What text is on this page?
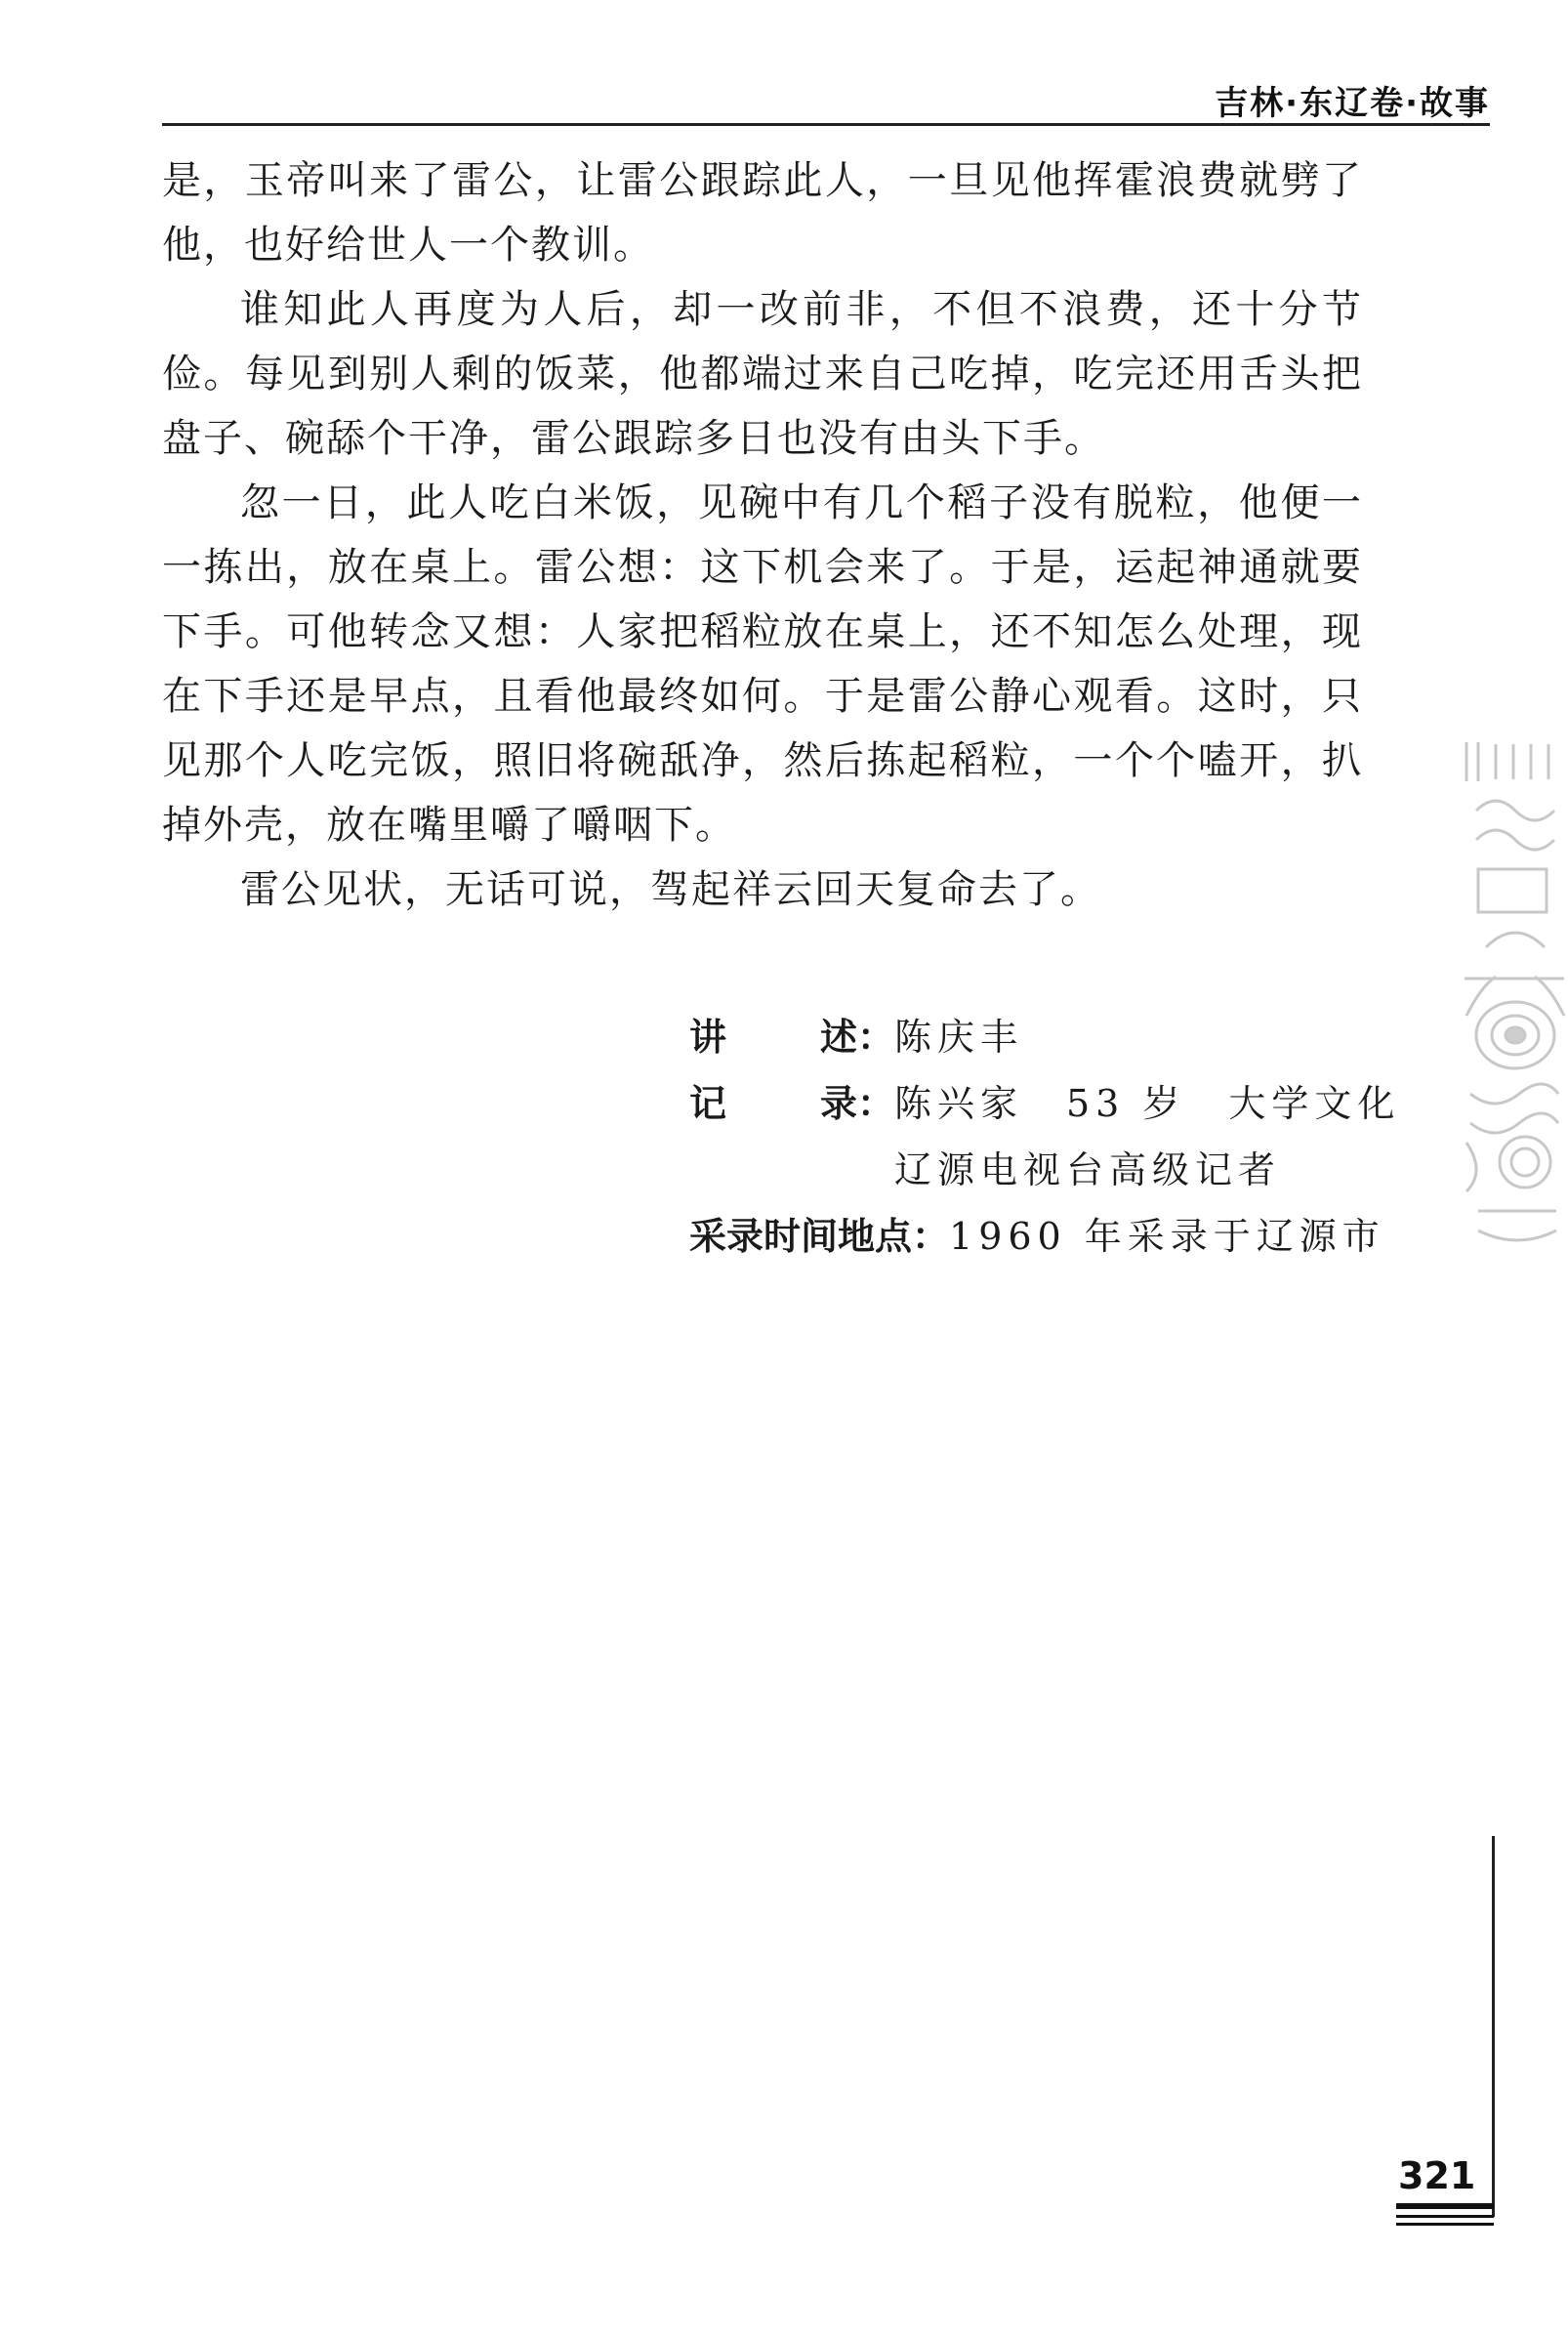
吉林·东辽卷·故事

是，玉帝叫来了雷公，让雷公跟踪此人，一旦见他挥霍浪费就劈了他，也好给世人一个教训。

谁知此人再度为人后，却一改前非，不但不浪费，还十分节俭。每见到别人剩的饭菜，他都端过来自己吃掉，吃完还用舌头把盘子、碗舔个干净，雷公跟踪多日也没有由头下手。

忽一日，此人吃白米饭，见碗中有几个稻子没有脱粒，他便一一拣出，放在桌上。雷公想：这下机会来了。于是，运起神通就要下手。可他转念又想：人家把稻粒放在桌上，还不知怎么处理，现在下手还是早点，且看他最终如何。于是雷公静心观看。这时，只见那个人吃完饭，照旧将碗舐净，然后拣起稻粒，一个个嗑开，扒掉外壳，放在嘴里嚼了嚼咽下。

雷公见状，无话可说，驾起祥云回天复命去了。

讲	述： 陈庆丰
记	录： 陈兴家　53 岁　大学文化
辽源电视台高级记者
采录时间地点： 1960 年采录于辽源市
321
